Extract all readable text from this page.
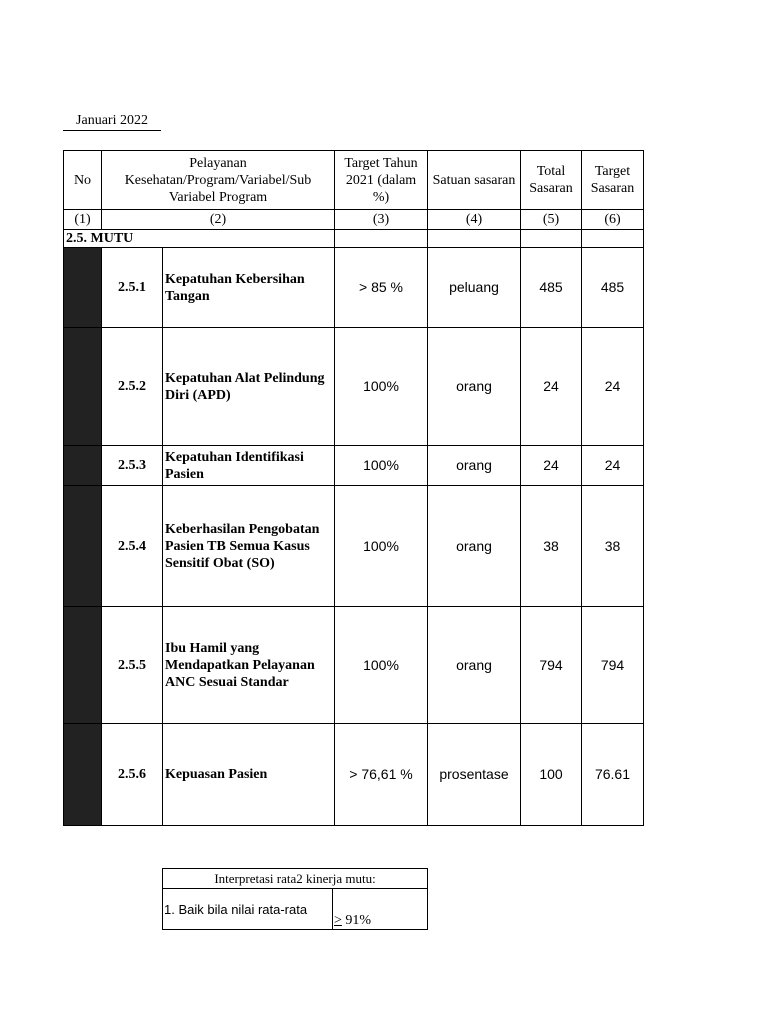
Januari 2022
No	Pelayanan Kesehatan/Program/Variabel/Sub Variabel Program		Target Tahun 2021 (dalam %)	Satuan sasaran	Total Sasaran	Target Sasaran
(1)	(2)		(3)	(4)	(5)	(6)
2.5. MUTU						
	2.5.1	Kepatuhan Kebersihan Tangan	> 85 %	peluang	485	485
	2.5.2	Kepatuhan Alat Pelindung Diri (APD)	100%	orang	24	24
	2.5.3	Kepatuhan Identifikasi Pasien	100%	orang	24	24
	2.5.4	Keberhasilan Pengobatan Pasien TB Semua Kasus Sensitif Obat (SO)	100%	orang	38	38
	2.5.5	Ibu Hamil yang Mendapatkan Pelayanan ANC Sesuai Standar	100%	orang	794	794
	2.5.6	Kepuasan Pasien	> 76,61 %	prosentase	100	76.61
Interpretasi rata2 kinerja mutu:
1. Baik bila nilai rata-rata	≥ 91%
